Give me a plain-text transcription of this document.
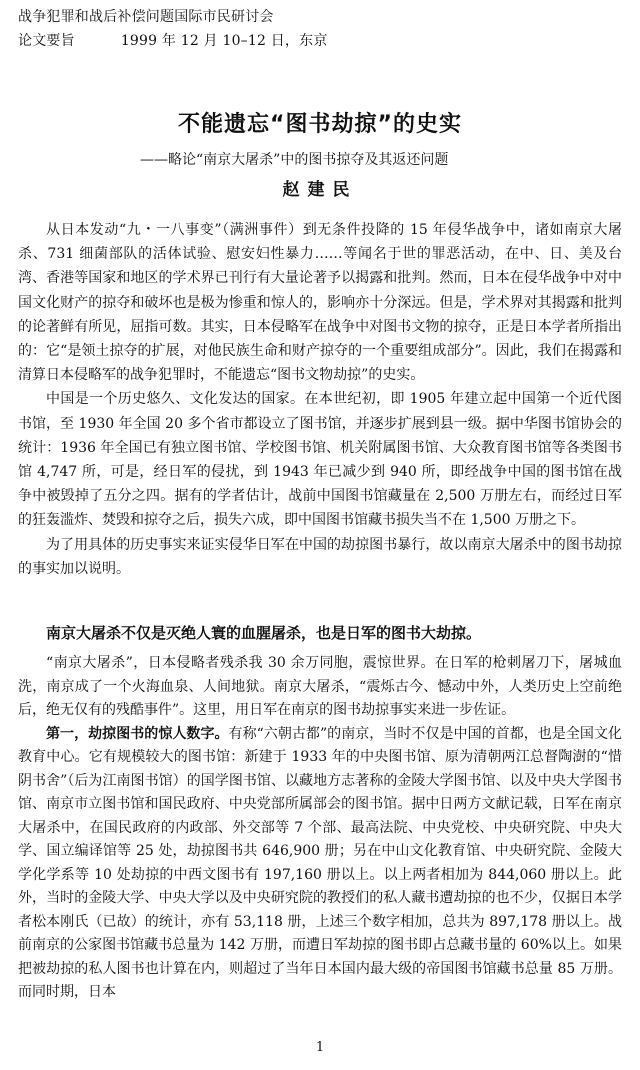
战争犯罪和战后补偿问题国际市民研讨会
论文要旨	1999 年 12 月 10–12 日，东京
不能遗忘“图书劫掠”的史实
——略论“南京大屠杀”中的图书掠夺及其返还问题
赵建民

从日本发动“九・一八事变”（满洲事件）到无条件投降的 15 年侵华战争中，诸如南京大屠杀、731 细菌部队的活体试验、慰安妇性暴力……等闻名于世的罪恶活动，在中、日、美及台湾、香港等国家和地区的学术界已刊行有大量论著予以揭露和批判。然而，日本在侵华战争中对中国文化财产的掠夺和破坏也是极为惨重和惊人的，影响亦十分深远。但是，学术界对其揭露和批判的论著鲜有所见，屈指可数。其实，日本侵略军在战争中对图书文物的掠夺，正是日本学者所指出的：它“是领土掠夺的扩展，对他民族生命和财产掠夺的一个重要组成部分”。因此，我们在揭露和清算日本侵略军的战争犯罪时，不能遗忘“图书文物劫掠”的史实。

中国是一个历史悠久、文化发达的国家。在本世纪初，即 1905 年建立起中国第一个近代图书馆，至 1930 年全国 20 多个省市都设立了图书馆，并逐步扩展到县一级。据中华图书馆协会的统计：1936 年全国已有独立图书馆、学校图书馆、机关附属图书馆、大众教育图书馆等各类图书馆 4,747 所，可是，经日军的侵扰，到 1943 年已减少到 940 所，即经战争中国的图书馆在战争中被毁掉了五分之四。据有的学者估计，战前中国图书馆藏量在 2,500 万册左右，而经过日军的狂轰滥炸、焚毁和掠夺之后，损失六成，即中国图书馆藏书损失当不在 1,500 万册之下。

为了用具体的历史事实来证实侵华日军在中国的劫掠图书暴行，故以南京大屠杀中的图书劫掠的事实加以说明。

南京大屠杀不仅是灭绝人寰的血腥屠杀，也是日军的图书大劫掠。

“南京大屠杀”，日本侵略者残杀我 30 余万同胞，震惊世界。在日军的枪刺屠刀下，屠城血洗，南京成了一个火海血泉、人间地狱。南京大屠杀，“震烁古今、憾动中外，人类历史上空前绝后，绝无仅有的残酷事件”。这里，用日军在南京的图书劫掠事实来进一步佐证。

第一，劫掠图书的惊人数字。有称“六朝古都”的南京，当时不仅是中国的首都，也是全国文化教育中心。它有规模较大的图书馆：新建于 1933 年的中央图书馆、原为清朝两江总督陶澍的“惜阴书舍”（后为江南图书馆）的国学图书馆、以藏地方志著称的金陵大学图书馆、以及中央大学图书馆、南京市立图书馆和国民政府、中央党部所属部会的图书馆。据中日两方文献记载，日军在南京大屠杀中，在国民政府的内政部、外交部等 7 个部、最高法院、中央党校、中央研究院、中央大学、国立编译馆等 25 处，劫掠图书共 646,900 册；另在中山文化教育馆、中央研究院、金陵大学化学系等 10 处劫掠的中西文图书有 197,160 册以上。以上两者相加为 844,060 册以上。此外，当时的金陵大学、中央大学以及中央研究院的教授们的私人藏书遭劫掠的也不少，仅据日本学者松本刚氏（已故）的统计，亦有 53,118 册，上述三个数字相加，总共为 897,178 册以上。战前南京的公家图书馆藏书总量为 142 万册，而遭日军劫掠的图书即占总藏书量的 60%以上。如果把被劫掠的私人图书也计算在内，则超过了当年日本国内最大级的帝国图书馆藏书总量 85 万册。而同时期，日本

1
